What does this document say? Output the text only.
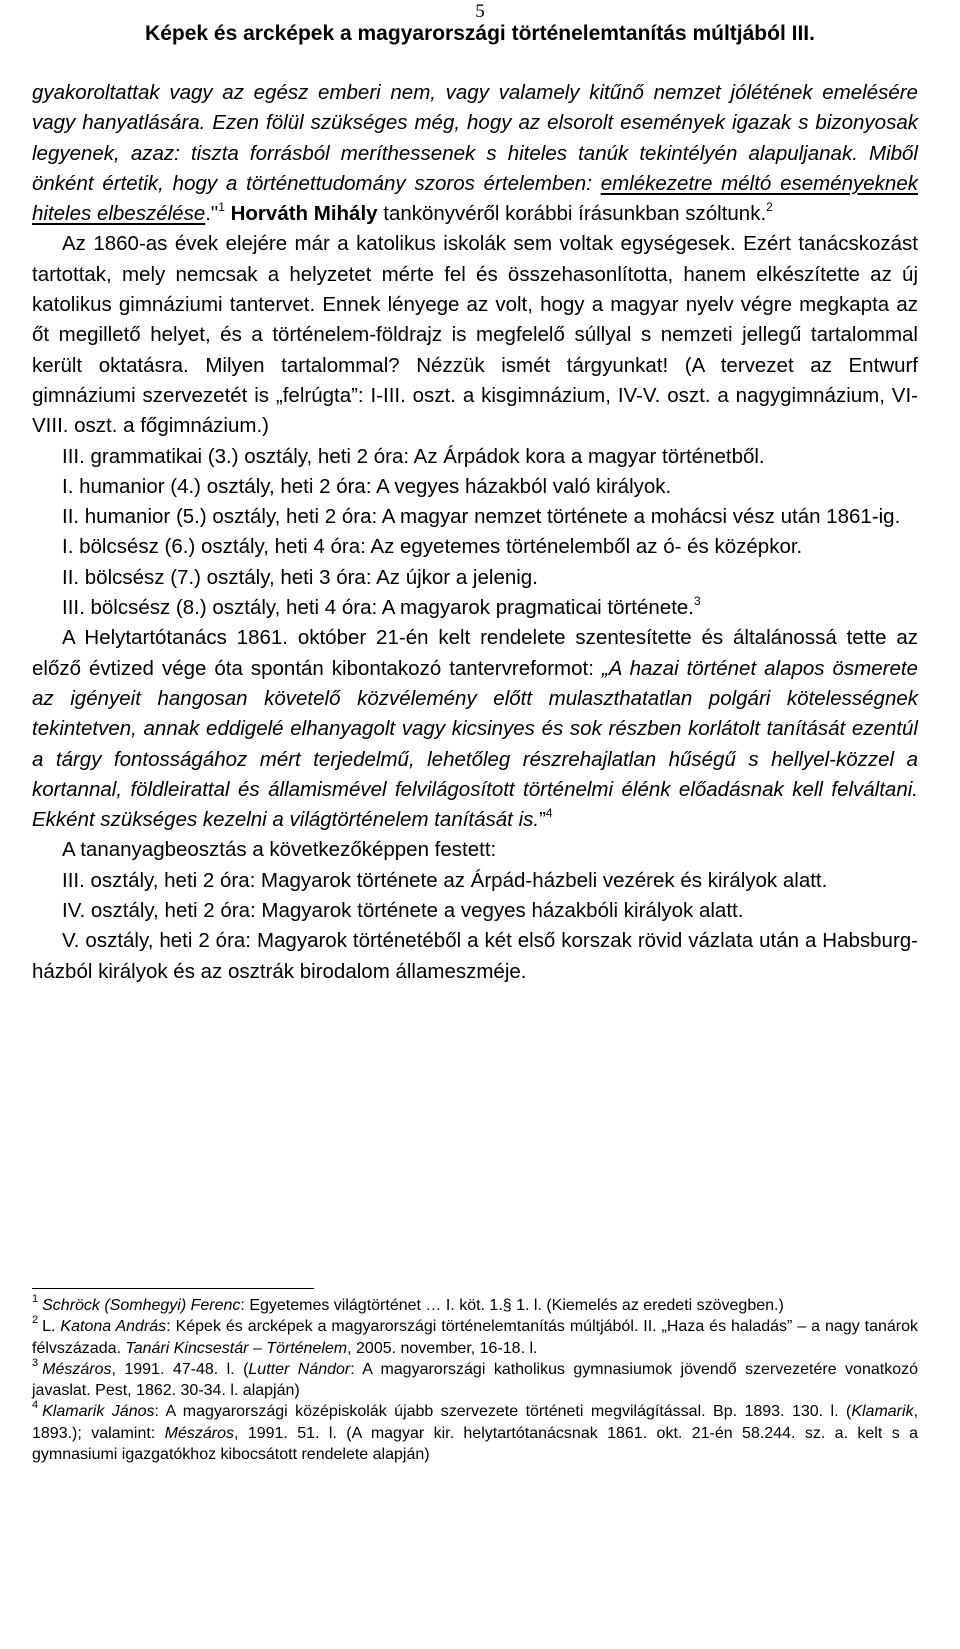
5
Képek és arcképek a magyarországi történelemtanítás múltjából III.

gyakoroltattak vagy az egész emberi nem, vagy valamely kitűnő nemzet jólétének emelésére vagy hanyatlására. Ezen fölül szükséges még, hogy az elsorolt események igazak s bizonyosak legyenek, azaz: tiszta forrásból meríthessenek s hiteles tanúk tekintélyén alapuljanak. Miből önként értetik, hogy a történettudomány szoros értelemben: emlékezetre méltó eseményeknek hiteles elbeszélése."$^1$ Horváth Mihály tankönyvéről korábbi írásunkban szóltunk.$^2$

Az 1860-as évek elejére már a katolikus iskolák sem voltak egységesek. Ezért tanácskozást tartottak, mely nemcsak a helyzetet mérte fel és összehasonlította, hanem elkészítette az új katolikus gimnáziumi tantervet. Ennek lényege az volt, hogy a magyar nyelv végre megkapta az őt megillető helyet, és a történelem-földrajz is megfelelő súllyal s nemzeti jellegű tartalommal került oktatásra. Milyen tartalommal? Nézzük ismét tárgyunkat! (A tervezet az Entwurf gimnáziumi szervezetét is „felrúgta”: I-III. oszt. a kisgimnázium, IV-V. oszt. a nagygimnázium, VI-VIII. oszt. a főgimnázium.)

III. grammatikai (3.) osztály, heti 2 óra: Az Árpádok kora a magyar történetből.

I. humanior (4.) osztály, heti 2 óra: A vegyes házakból való királyok.

II. humanior (5.) osztály, heti 2 óra: A magyar nemzet története a mohácsi vész után 1861-ig.

I. bölcsész (6.) osztály, heti 4 óra: Az egyetemes történelemből az ó- és középkor.

II. bölcsész (7.) osztály, heti 3 óra: Az újkor a jelenig.

III. bölcsész (8.) osztály, heti 4 óra: A magyarok pragmaticai története.$^3$

A Helytartótanács 1861. október 21-én kelt rendelete szentesítette és általánossá tette az előző évtized vége óta spontán kibontakozó tantervreformot: „A hazai történet alapos ösmerete az igényeit hangosan követelő közvélemény előtt mulaszthatatlan polgári kötelességnek tekintetven, annak eddigelé elhanyagolt vagy kicsinyes és sok részben korlátolt tanítását ezentúl a tárgy fontosságához mért terjedelmű, lehetőleg részrehajlatlan hűségű s hellyel-közzel a kortannal, földleirattal és államismével felvilágosított történelmi élénk előadásnak kell felváltani. Ekként szükséges kezelni a világtörténelem tanítását is.”$^4$

A tananyagbeosztás a következőképpen festett:

III. osztály, heti 2 óra: Magyarok története az Árpád-házbeli vezérek és királyok alatt.

IV. osztály, heti 2 óra: Magyarok története a vegyes házakbóli királyok alatt.

V. osztály, heti 2 óra: Magyarok történetéből a két első korszak rövid vázlata után a Habsburg-házból királyok és az osztrák birodalom állameszméje.

$^1$ Schröck (Somhegyi) Ferenc: Egyetemes világtörténet … I. köt. 1.§ 1. l. (Kiemelés az eredeti szövegben.)

$^2$ L. Katona András: Képek és arcképek a magyarországi történelemtanítás múltjából. II. „Haza és haladás” – a nagy tanárok félvszázada. Tanári Kincsestár – Történelem, 2005. november, 16-18. l.

$^3$ Mészáros, 1991. 47-48. l. (Lutter Nándor: A magyarországi katholikus gymnasiumok jövendő szervezetére vonatkozó javaslat. Pest, 1862. 30-34. l. alapján)

$^4$ Klamarik János: A magyarországi középiskolák újabb szervezete történeti megvilágítással. Bp. 1893. 130. l. (Klamarik, 1893.); valamint: Mészáros, 1991. 51. l. (A magyar kir. helytartótanácsnak 1861. okt. 21-én 58.244. sz. a. kelt s a gymnasiumi igazgatókhoz kibocsátott rendelete alapján)
